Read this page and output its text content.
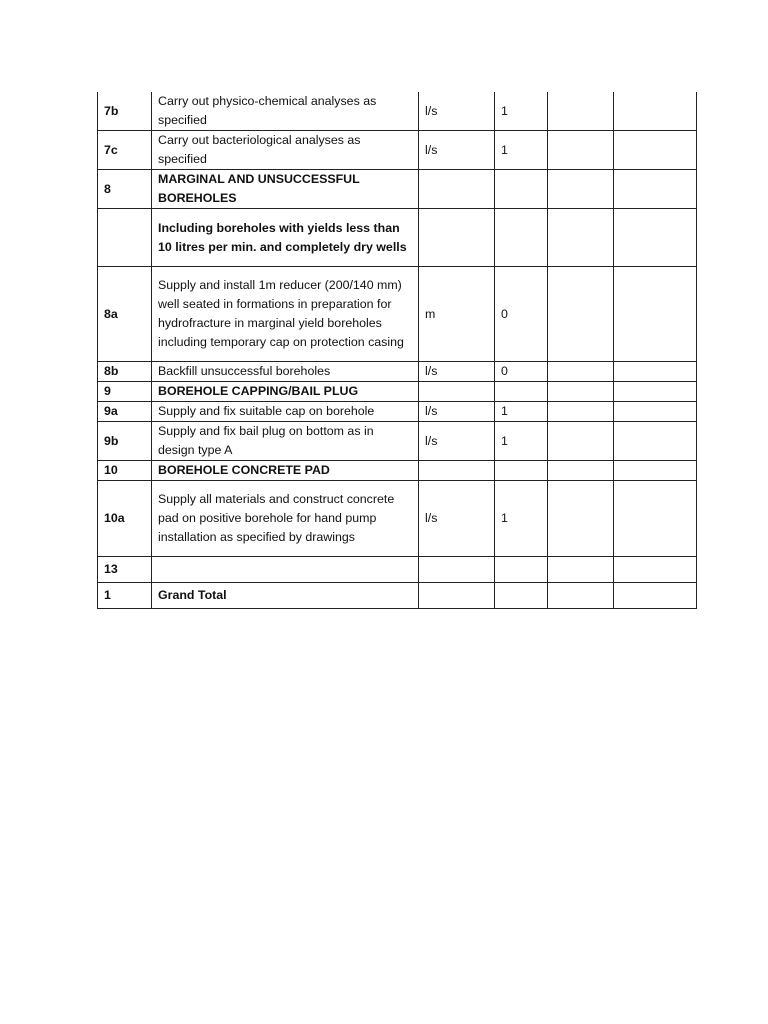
7b	Carry out physico-chemical analyses as specified	l/s	1		
7c	Carry out bacteriological analyses as specified	l/s	1		
8	MARGINAL AND UNSUCCESSFUL BOREHOLES				
	Including boreholes with yields less than 10 litres per min. and completely dry wells				
8a	Supply and install 1m reducer (200/140 mm) well seated in formations in preparation for hydrofracture in marginal yield boreholes including temporary cap on protection casing	m	0		
8b	Backfill unsuccessful boreholes	l/s	0		
9	BOREHOLE CAPPING/BAIL PLUG				
9a	Supply and fix suitable cap on borehole	l/s	1		
9b	Supply and fix bail plug on bottom as in design type A	l/s	1		
10	BOREHOLE CONCRETE PAD				
10a	Supply all materials and construct concrete pad on positive borehole for hand pump installation as specified by drawings	l/s	1		
13					
1	Grand Total				
